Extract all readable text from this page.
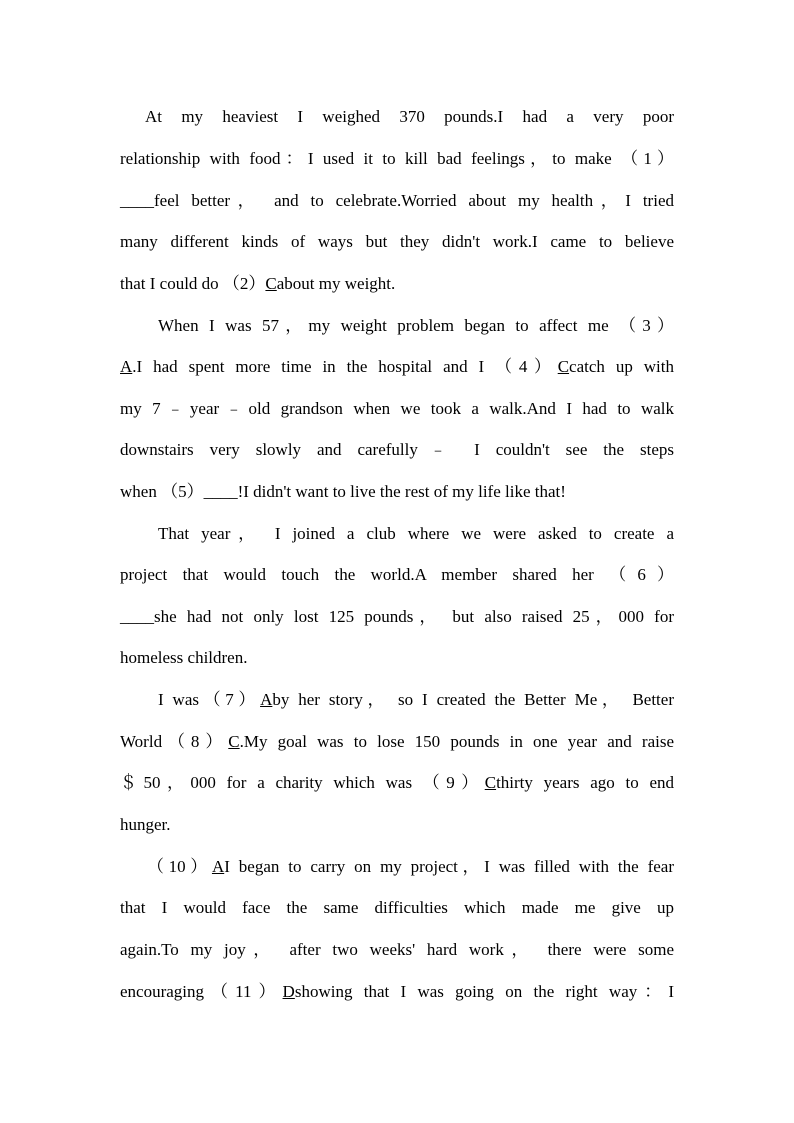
At my heaviest I weighed 370 pounds.I had a very poor
relationship with food：I used it to kill bad feelings，to make （1）
____feel better， and to celebrate.Worried about my health，I tried
many different kinds of ways but they didn't work.I came to believe
that I could do （2）Cabout my weight.
When I was 57，my weight problem began to affect me （3）
A.I had spent more time in the hospital and I （4）Ccatch up with
my 7﹣year﹣old grandson when we took a walk.And I had to walk
downstairs very slowly and carefully﹣ I couldn't see the steps
when （5）____!I didn't want to live the rest of my life like that!
That year， I joined a club where we were asked to create a
project that would touch the world.A member shared her （6）
____she had not only lost 125 pounds， but also raised 25，000 for
homeless children.
I was（7）Aby her story， so I created the Better Me， Better
World（8）C.My goal was to lose 150 pounds in one year and raise
＄50，000 for a charity which was （9）Cthirty years ago to end
hunger.
（10）AI began to carry on my project，I was filled with the fear
that I would face the same difficulties which made me give up
again.To my joy， after two weeks' hard work， there were some
encouraging（11）Dshowing that I was going on the right way：I
